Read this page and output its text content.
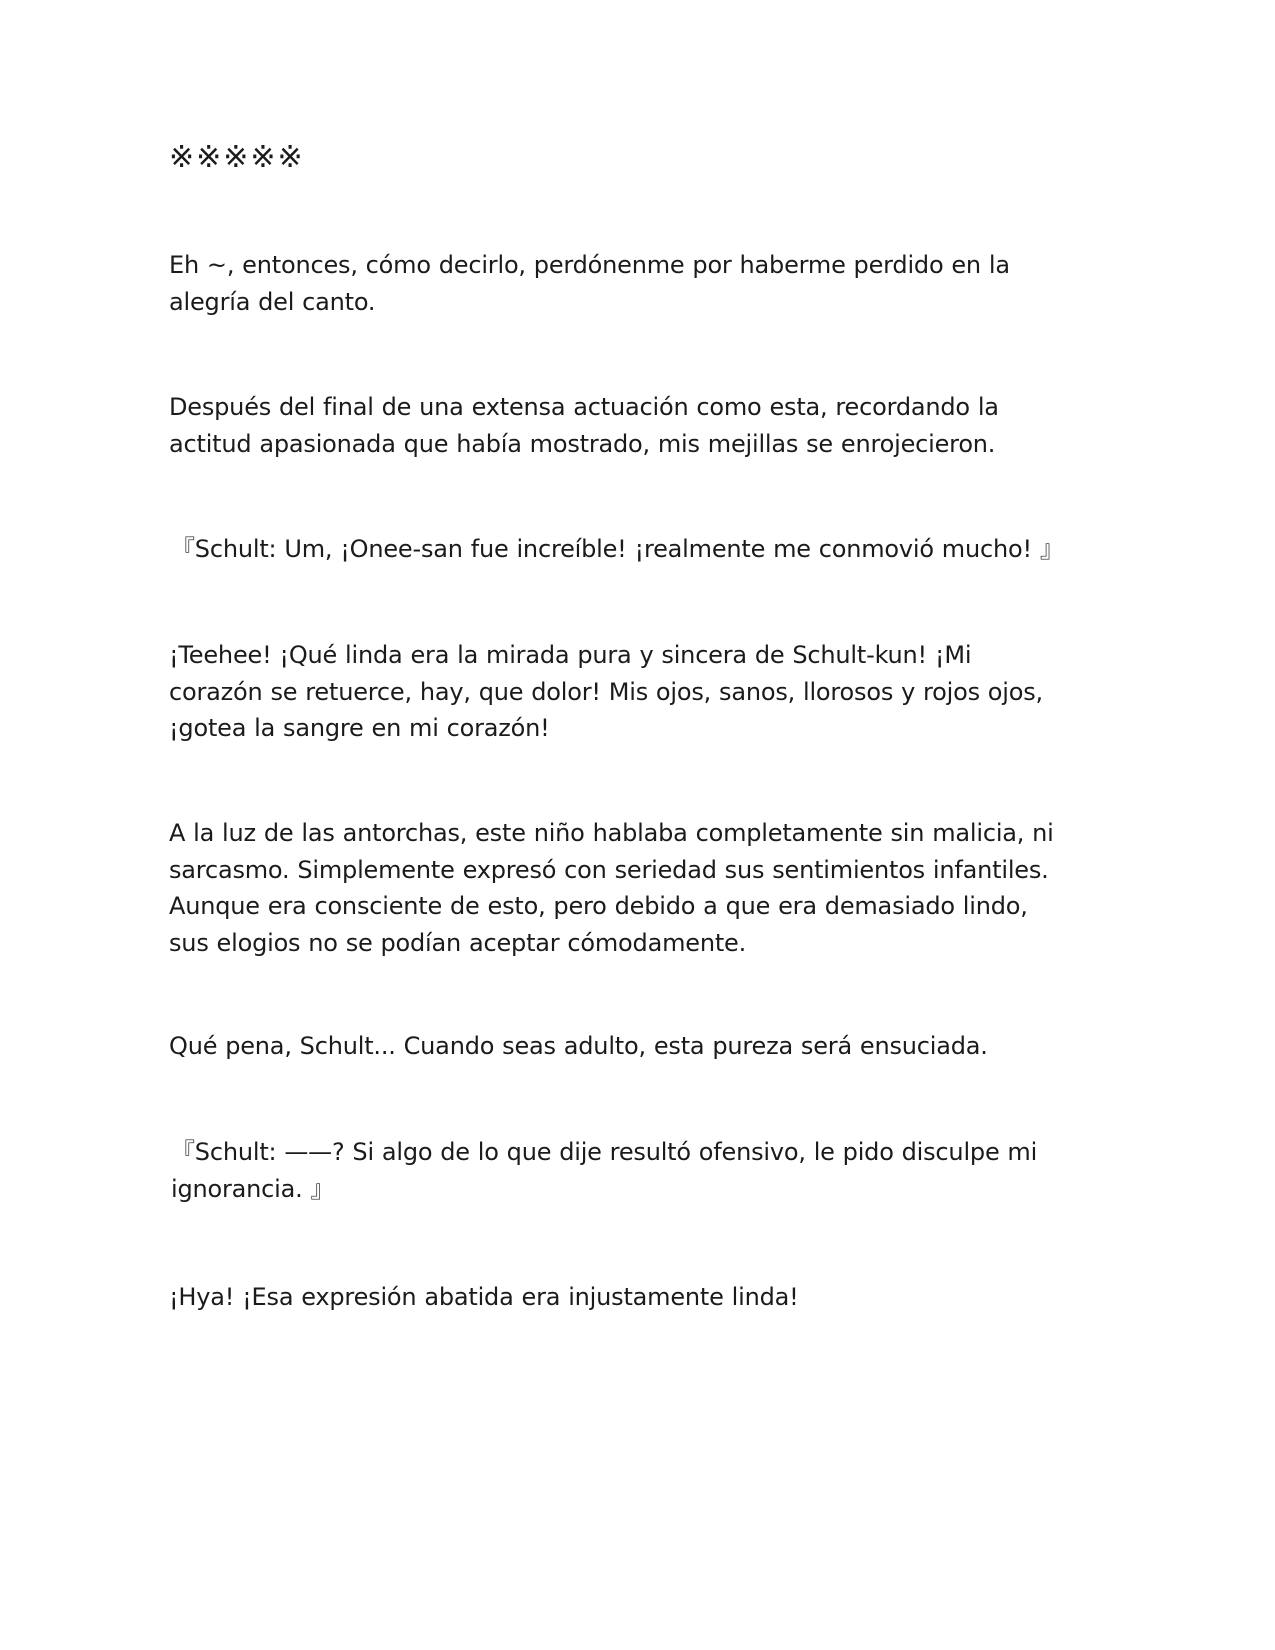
※※※※※

Eh ~, entonces, cómo decirlo, perdónenme por haberme perdido en la alegría del canto.

Después del final de una extensa actuación como esta, recordando la actitud apasionada que había mostrado, mis mejillas se enrojecieron.

『Schult: Um, ¡Onee-san fue increíble! ¡realmente me conmovió mucho! 』

¡Teehee! ¡Qué linda era la mirada pura y sincera de Schult-kun! ¡Mi corazón se retuerce, hay, que dolor! Mis ojos, sanos, llorosos y rojos ojos, ¡gotea la sangre en mi corazón!

A la luz de las antorchas, este niño hablaba completamente sin malicia, ni sarcasmo. Simplemente expresó con seriedad sus sentimientos infantiles. Aunque era consciente de esto, pero debido a que era demasiado lindo, sus elogios no se podían aceptar cómodamente.

Qué pena, Schult... Cuando seas adulto, esta pureza será ensuciada.

『Schult: ——? Si algo de lo que dije resultó ofensivo, le pido disculpe mi ignorancia. 』

¡Hya! ¡Esa expresión abatida era injustamente linda!
